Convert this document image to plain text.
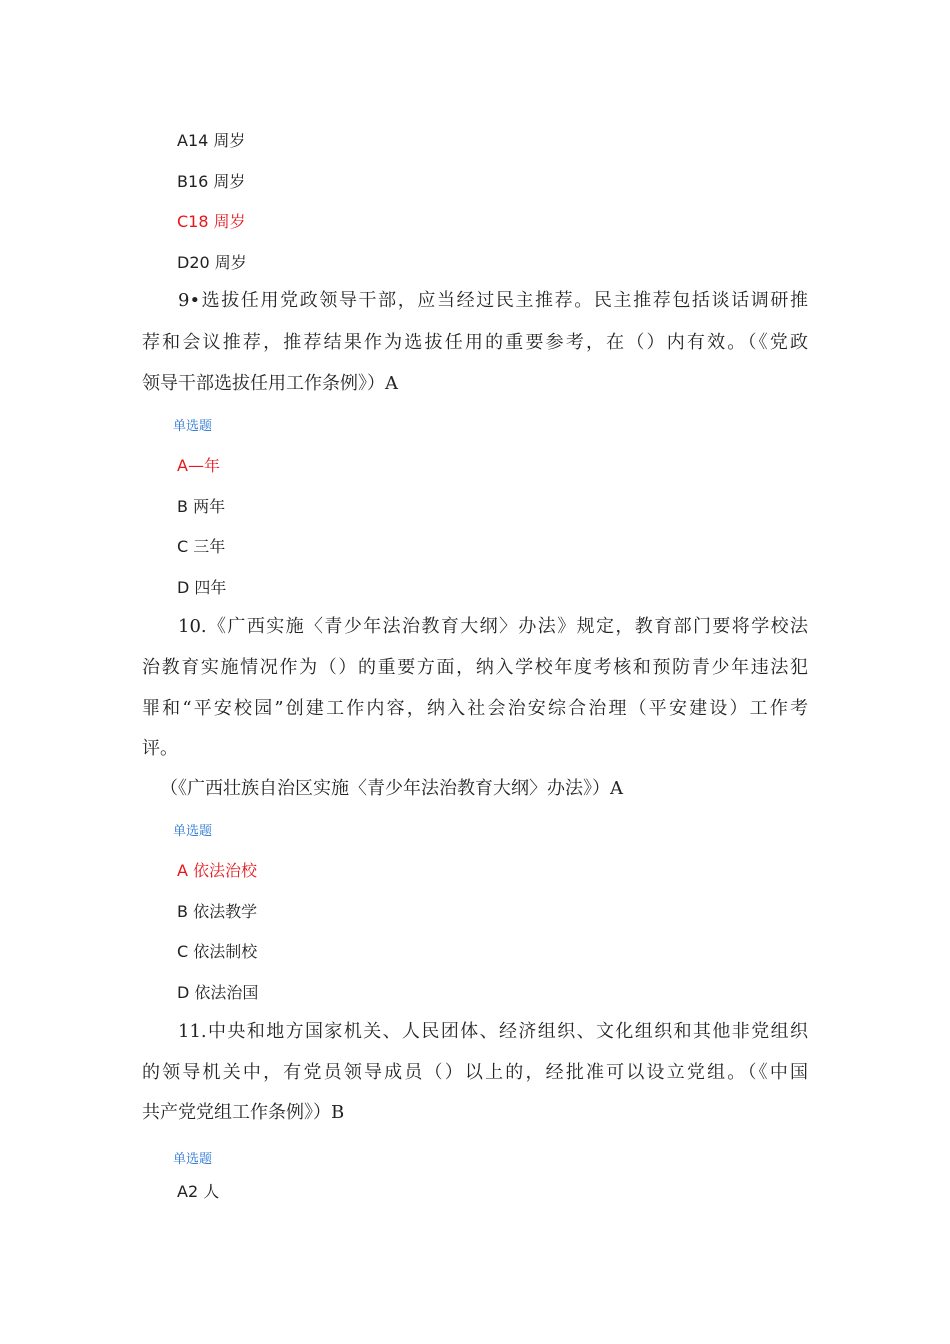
A14 周岁
B16 周岁
C18 周岁
D20 周岁
9•选拔任用党政领导干部，应当经过民主推荐。民主推荐包括谈话调研推
荐和会议推荐，推荐结果作为选拔任用的重要参考，在（）内有效。（《党政
领导干部选拔任用工作条例》）A
单选题
A—年
B 两年
C 三年
D 四年
10.《广西实施〈青少年法治教育大纲〉办法》规定，教育部门要将学校法
治教育实施情况作为（）的重要方面，纳入学校年度考核和预防青少年违法犯
罪和“平安校园”创建工作内容，纳入社会治安综合治理（平安建设）工作考
评。
（《广西壮族自治区实施〈青少年法治教育大纲〉办法》）A
单选题
A 依法治校
B 依法教学
C 依法制校
D 依法治国
11.中央和地方国家机关、人民团体、经济组织、文化组织和其他非党组织
的领导机关中，有党员领导成员（）以上的，经批准可以设立党组。（《中国
共产党党组工作条例》）B
单选题
A2 人
